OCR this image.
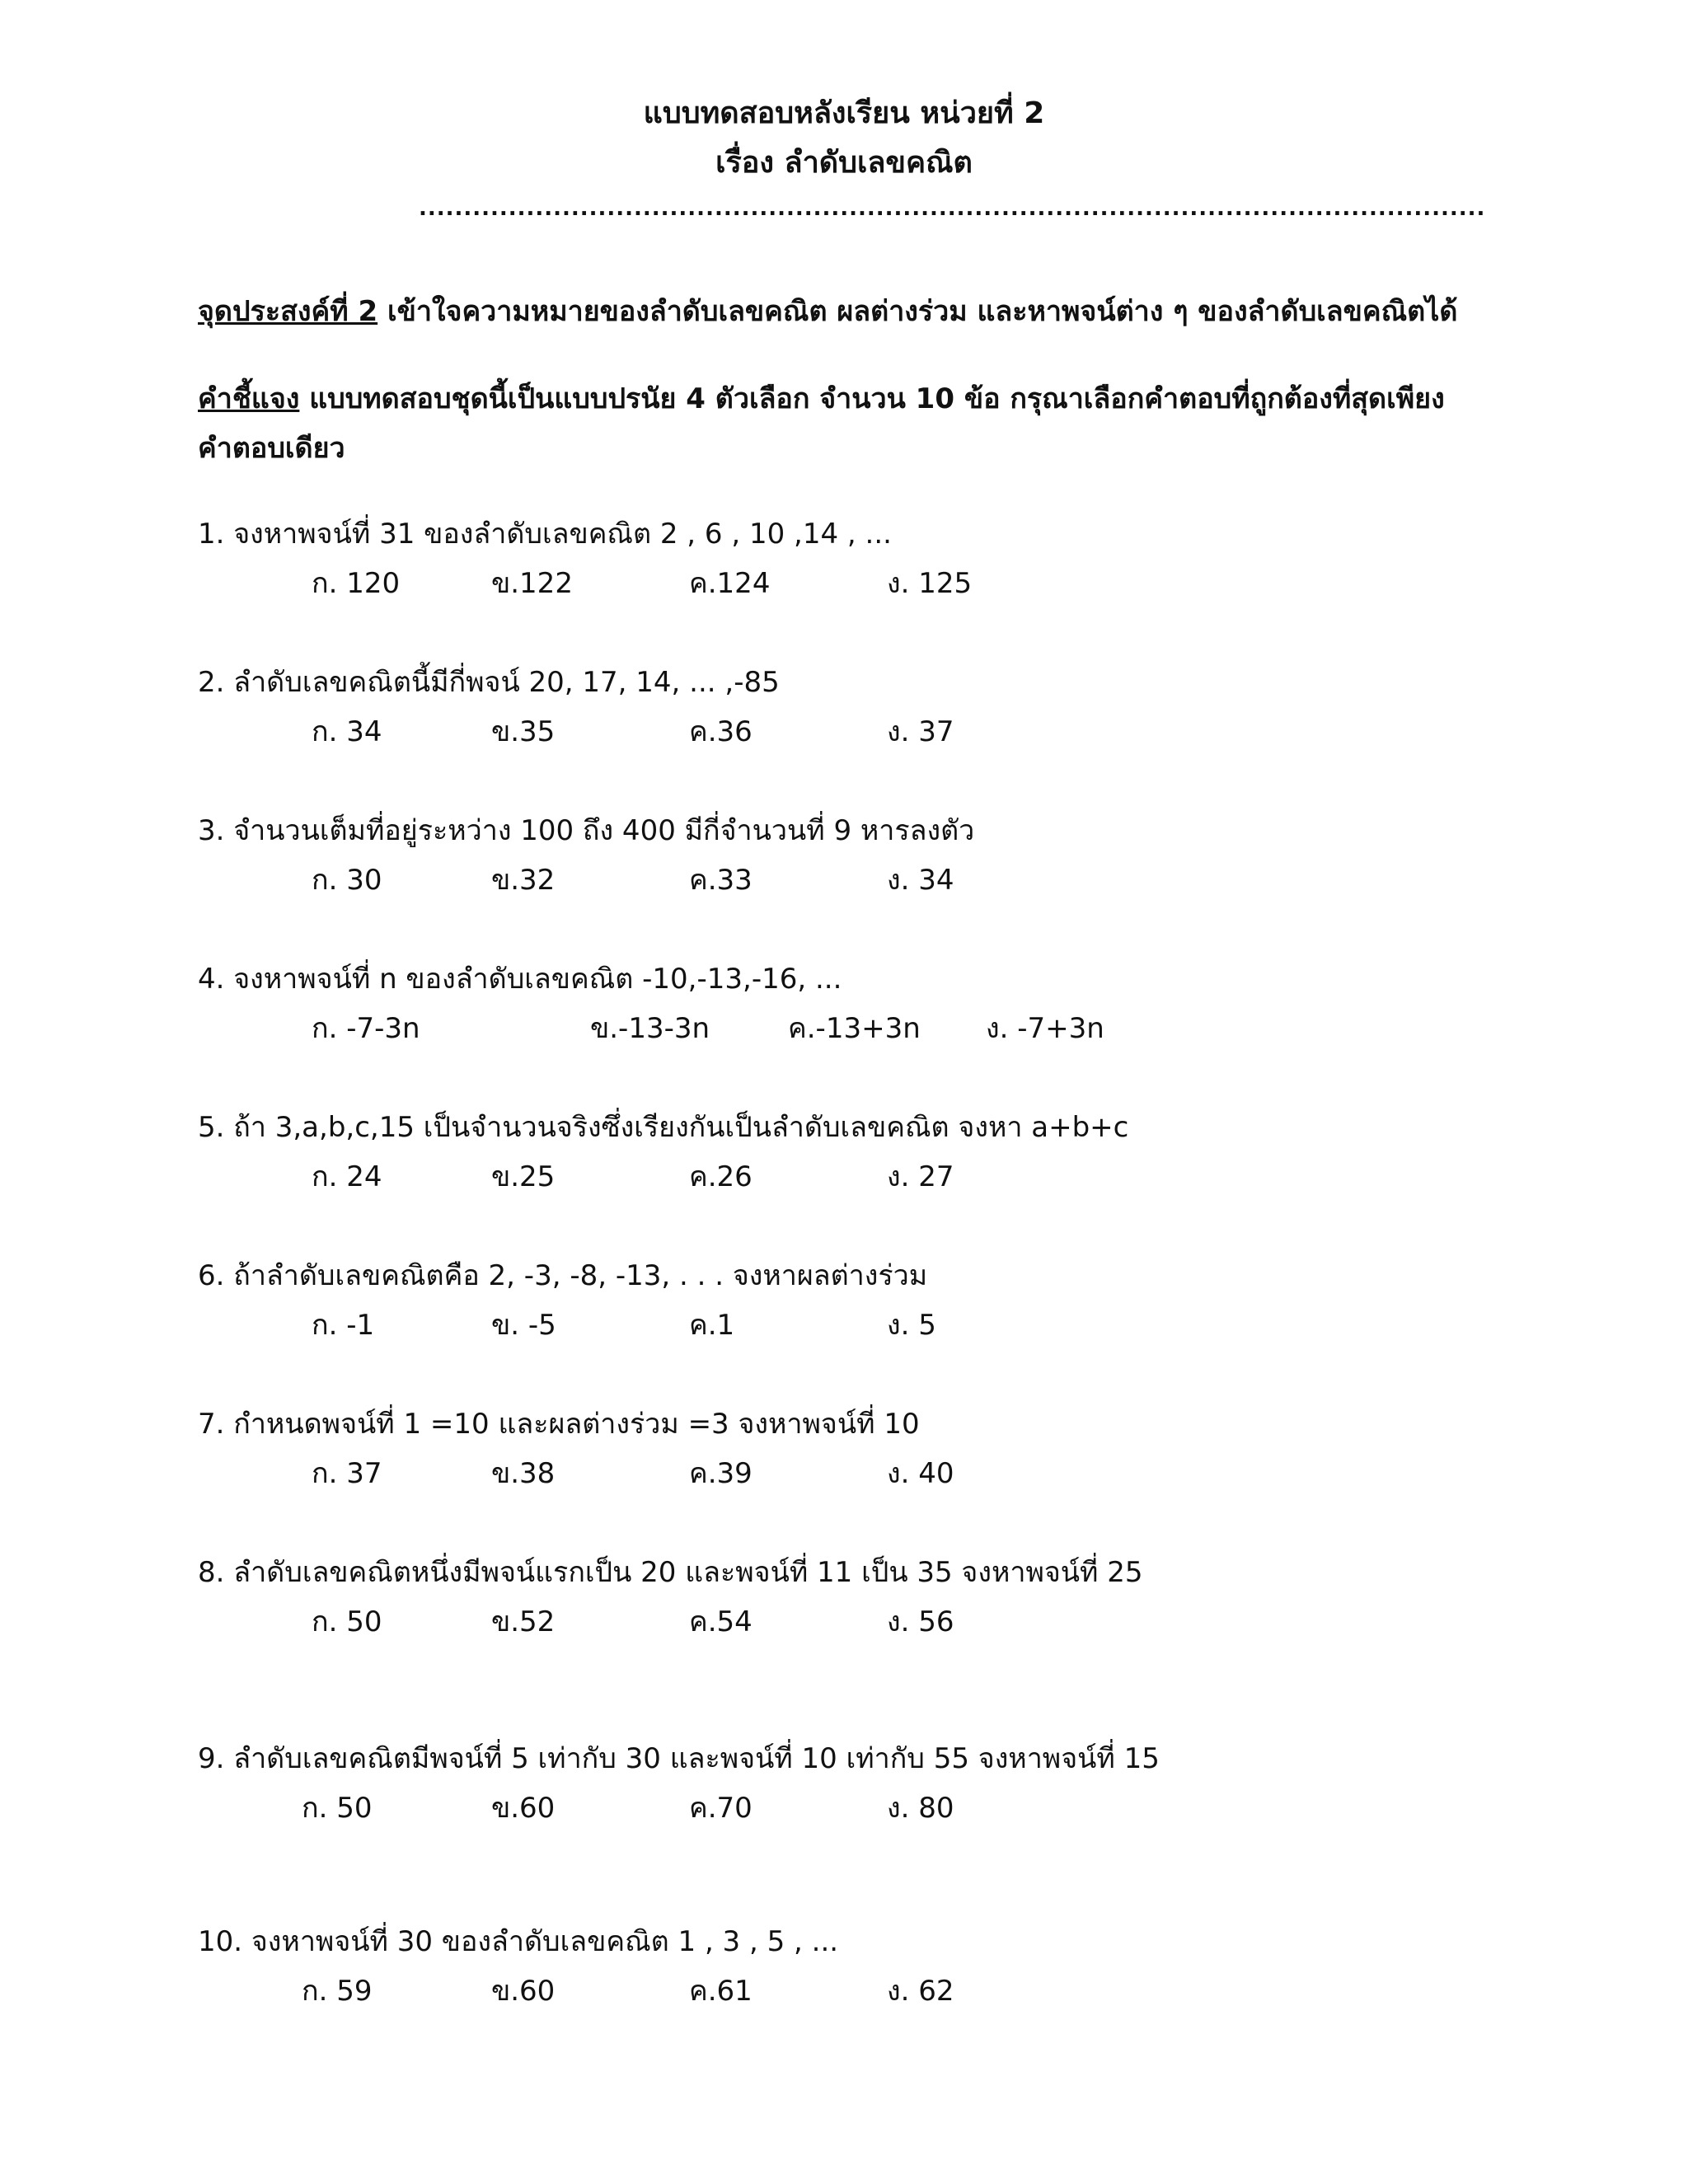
แบบทดสอบหลังเรียน หน่วยที่ 2
เรื่อง ลำดับเลขคณิต
.......................................................................................................................
จุดประสงค์ที่ 2 เข้าใจความหมายของลำดับเลขคณิต ผลต่างร่วม และหาพจน์ต่าง ๆ ของลำดับเลขคณิตได้
คำชี้แจง แบบทดสอบชุดนี้เป็นแบบปรนัย 4 ตัวเลือก จำนวน 10 ข้อ กรุณาเลือกคำตอบที่ถูกต้องที่สุดเพียง
คำตอบเดียว
1. จงหาพจน์ที่ 31 ของลำดับเลขคณิต 2 , 6 , 10 ,14 , ...
ก. 120	ข.122	ค.124	ง. 125
2. ลำดับเลขคณิตนี้มีกี่พจน์ 20, 17, 14, ... ,-85
ก. 34	ข.35	ค.36	ง. 37
3. จำนวนเต็มที่อยู่ระหว่าง 100 ถึง 400 มีกี่จำนวนที่ 9 หารลงตัว
ก. 30	ข.32	ค.33	ง. 34
4. จงหาพจน์ที่ n ของลำดับเลขคณิต -10,-13,-16, ...
ก. -7-3n	ข.-13-3n	ค.-13+3n ง. -7+3n
5. ถ้า 3,a,b,c,15 เป็นจำนวนจริงซึ่งเรียงกันเป็นลำดับเลขคณิต จงหา a+b+c
ก. 24	ข.25	ค.26	ง. 27
6. ถ้าลำดับเลขคณิตคือ 2, -3, -8, -13, . . . จงหาผลต่างร่วม
ก. -1	ข. -5	ค.1	ง. 5
7. กำหนดพจน์ที่ 1 =10 และผลต่างร่วม =3 จงหาพจน์ที่ 10
ก. 37	ข.38	ค.39	ง. 40
8. ลำดับเลขคณิตหนึ่งมีพจน์แรกเป็น 20 และพจน์ที่ 11 เป็น 35 จงหาพจน์ที่ 25
ก. 50	ข.52	ค.54	ง. 56
9. ลำดับเลขคณิตมีพจน์ที่ 5 เท่ากับ 30 และพจน์ที่ 10 เท่ากับ 55 จงหาพจน์ที่ 15
ก. 50	ข.60	ค.70	ง. 80
10. จงหาพจน์ที่ 30 ของลำดับเลขคณิต 1 , 3 , 5 , ...
ก. 59	ข.60	ค.61	ง. 62
